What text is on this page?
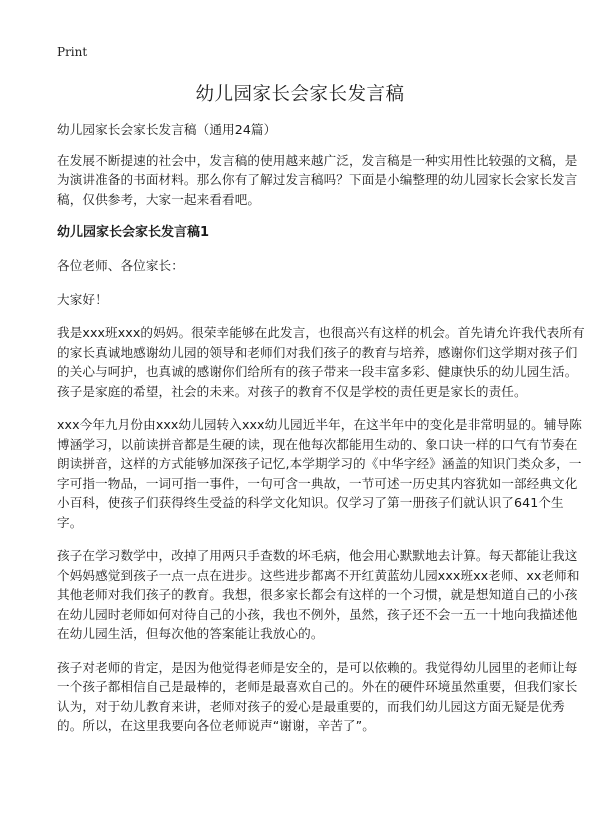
Print
幼儿园家长会家长发言稿

幼儿园家长会家长发言稿（通用24篇）

在发展不断提速的社会中，发言稿的使用越来越广泛，发言稿是一种实用性比较强的文稿，是为演讲准备的书面材料。那么你有了解过发言稿吗？下面是小编整理的幼儿园家长会家长发言稿，仅供参考，大家一起来看看吧。

幼儿园家长会家长发言稿1

各位老师、各位家长：

大家好！

我是xxx班xxx的妈妈。很荣幸能够在此发言，也很高兴有这样的机会。首先请允许我代表所有的家长真诚地感谢幼儿园的领导和老师们对我们孩子的教育与培养，感谢你们这学期对孩子们的关心与呵护，也真诚的感谢你们给所有的孩子带来一段丰富多彩、健康快乐的幼儿园生活。孩子是家庭的希望，社会的未来。对孩子的教育不仅是学校的责任更是家长的责任。

xxx今年九月份由xxx幼儿园转入xxx幼儿园近半年，在这半年中的变化是非常明显的。辅导陈博涵学习，以前读拼音都是生硬的读，现在他每次都能用生动的、象口诀一样的口气有节奏在朗读拼音，这样的方式能够加深孩子记忆,本学期学习的《中华字经》涵盖的知识门类众多，一字可指一物品，一词可指一事件，一句可含一典故，一节可述一历史其内容犹如一部经典文化小百科，使孩子们获得终生受益的科学文化知识。仅学习了第一册孩子们就认识了641个生字。

孩子在学习数学中，改掉了用两只手查数的坏毛病，他会用心默默地去计算。每天都能让我这个妈妈感觉到孩子一点一点在进步。这些进步都离不开红黄蓝幼儿园xxx班xx老师、xx老师和其他老师对我们孩子的教育。我想，很多家长都会有这样的一个习惯，就是想知道自己的小孩在幼儿园时老师如何对待自己的小孩，我也不例外，虽然，孩子还不会一五一十地向我描述他在幼儿园生活，但每次他的答案能让我放心的。

孩子对老师的肯定，是因为他觉得老师是安全的，是可以依赖的。我觉得幼儿园里的老师让每一个孩子都相信自己是最棒的，老师是最喜欢自己的。外在的硬件环境虽然重要，但我们家长认为，对于幼儿教育来讲，老师对孩子的爱心是最重要的，而我们幼儿园这方面无疑是优秀的。所以，在这里我要向各位老师说声“谢谢，辛苦了”。
